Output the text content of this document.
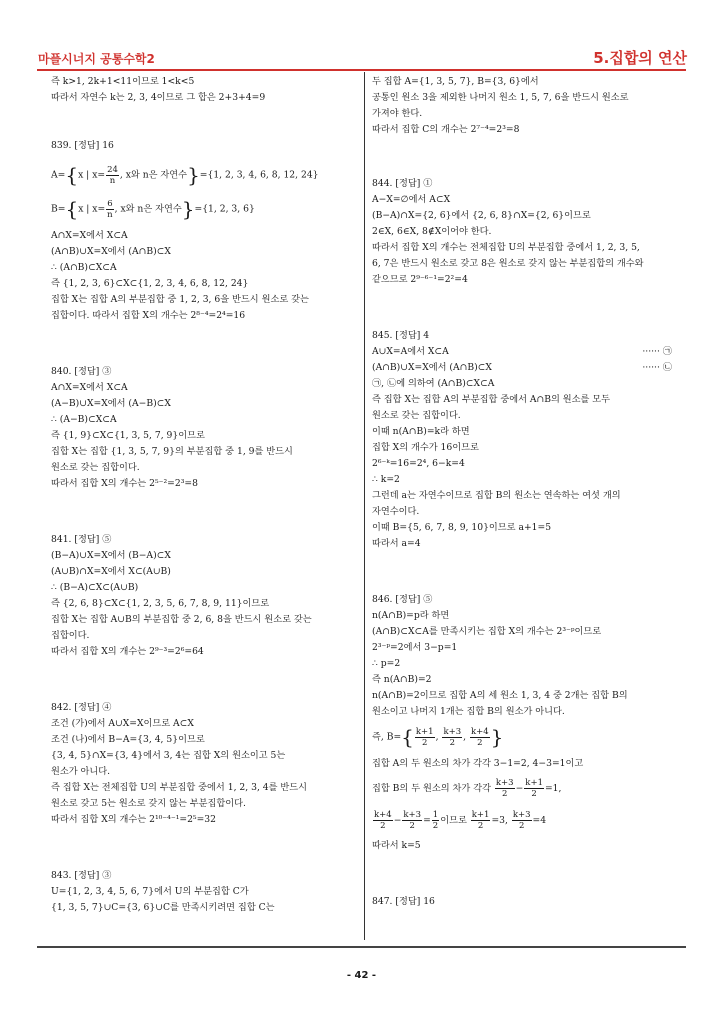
마플시너지 공통수학2	5.집합의 연산
즉 k>1, 2k+1<11이므로 1<k<5
따라서 자연수 k는 2, 3, 4이므로 그 합은 2+3+4=9
839. [정답] 16
A={x | $x= \frac{24}{n}$ , x와 n은 자연수}={1, 2, 3, 4, 6, 8, 12, 24}
B={x | $x= \frac{6}{n}$ , x와 n은 자연수}={1, 2, 3, 6}
A∩X=X에서 X⊂A
(A∩B)∪X=X에서 (A∩B)⊂X
∴ (A∩B)⊂X⊂A
즉 {1, 2, 3, 6}⊂X⊂{1, 2, 3, 4, 6, 8, 12, 24}
집합 X는 집합 A의 부분집합 중 1, 2, 3, 6을 반드시 원소로 갖는
집합이다. 따라서 집합 X의 개수는 2⁸⁻⁴=2⁴=16
840. [정답] ③
A∩X=X에서 X⊂A
(A−B)∪X=X에서 (A−B)⊂X
∴ (A−B)⊂X⊂A
즉 {1, 9}⊂X⊂{1, 3, 5, 7, 9}이므로
집합 X는 집합 {1, 3, 5, 7, 9}의 부분집합 중 1, 9를 반드시
원소로 갖는 집합이다.
따라서 집합 X의 개수는 2⁵⁻²=2³=8
841. [정답] ⑤
(B−A)∪X=X에서 (B−A)⊂X
(A∪B)∩X=X에서 X⊂(A∪B)
∴ (B−A)⊂X⊂(A∪B)
즉 {2, 6, 8}⊂X⊂{1, 2, 3, 5, 6, 7, 8, 9, 11}이므로
집합 X는 집합 A∪B의 부분집합 중 2, 6, 8을 반드시 원소로 갖는
집합이다.
따라서 집합 X의 개수는 2⁹⁻³=2⁶=64
842. [정답] ④
조건 (가)에서 A∪X=X이므로 A⊂X
조건 (나)에서 B−A={3, 4, 5}이므로
{3, 4, 5}∩X={3, 4}에서 3, 4는 집합 X의 원소이고 5는
원소가 아니다.
즉 집합 X는 전체집합 U의 부분집합 중에서 1, 2, 3, 4를 반드시
원소로 갖고 5는 원소로 갖지 않는 부분집합이다.
따라서 집합 X의 개수는 2¹⁰⁻⁴⁻¹=2⁵=32
843. [정답] ③
U={1, 2, 3, 4, 5, 6, 7}에서 U의 부분집합 C가
{1, 3, 5, 7}∪C={3, 6}∪C를 만족시키려면 집합 C는
두 집합 A={1, 3, 5, 7}, B={3, 6}에서
공통인 원소 3을 제외한 나머지 원소 1, 5, 7, 6을 반드시 원소로
가져야 한다.
따라서 집합 C의 개수는 2⁷⁻⁴=2³=8
844. [정답] ①
A−X=∅에서 A⊂X
(B−A)∩X={2, 6}에서 {2, 6, 8}∩X={2, 6}이므로
2∈X, 6∈X, 8∉X이어야 한다.
따라서 집합 X의 개수는 전체집합 U의 부분집합 중에서 1, 2, 3, 5,
6, 7은 반드시 원소로 갖고 8은 원소로 갖지 않는 부분집합의 개수와
같으므로 2⁹⁻⁶⁻¹=2²=4
845. [정답] 4
A∪X=A에서 X⊂A	······ ㉠
(A∩B)∪X=X에서 (A∩B)⊂X	······ ㉡
㉠, ㉡에 의하여 (A∩B)⊂X⊂A
즉 집합 X는 집합 A의 부분집합 중에서 A∩B의 원소를 모두
원소로 갖는 집합이다.
이때 n(A∩B)=k라 하면
집합 X의 개수가 16이므로
2⁶⁻ᵏ=16=2⁴, 6−k=4
∴ k=2
그런데 a는 자연수이므로 집합 B의 원소는 연속하는 여섯 개의
자연수이다.
이때 B={5, 6, 7, 8, 9, 10}이므로 a+1=5
따라서 a=4
846. [정답] ⑤
n(A∩B)=p라 하면
(A∩B)⊂X⊂A를 만족시키는 집합 X의 개수는 2³⁻ᵖ이므로
2³⁻ᵖ=2에서 3−p=1
∴ p=2
즉 n(A∩B)=2
n(A∩B)=2이므로 집합 A의 세 원소 1, 3, 4 중 2개는 집합 B의
원소이고 나머지 1개는 집합 B의 원소가 아니다.
즉, $B=\{ \frac{k+1}{2}$ , $\frac{k+3}{2}$ , $\frac{k+4}{2}$ }
집합 A의 두 원소의 차가 각각 3−1=2, 4−3=1이고
집합 B의 두 원소의 차가 각각 $\frac{k+3}{2} - \frac{k+1}{2} =1$,
$\frac{k+4}{2} - \frac{k+3}{2} = \frac{1}{2}$ 이므로 $\frac{k+1}{2} =3$, $\frac{k+3}{2} =4$
따라서 k=5
847. [정답] 16
- 42 -
